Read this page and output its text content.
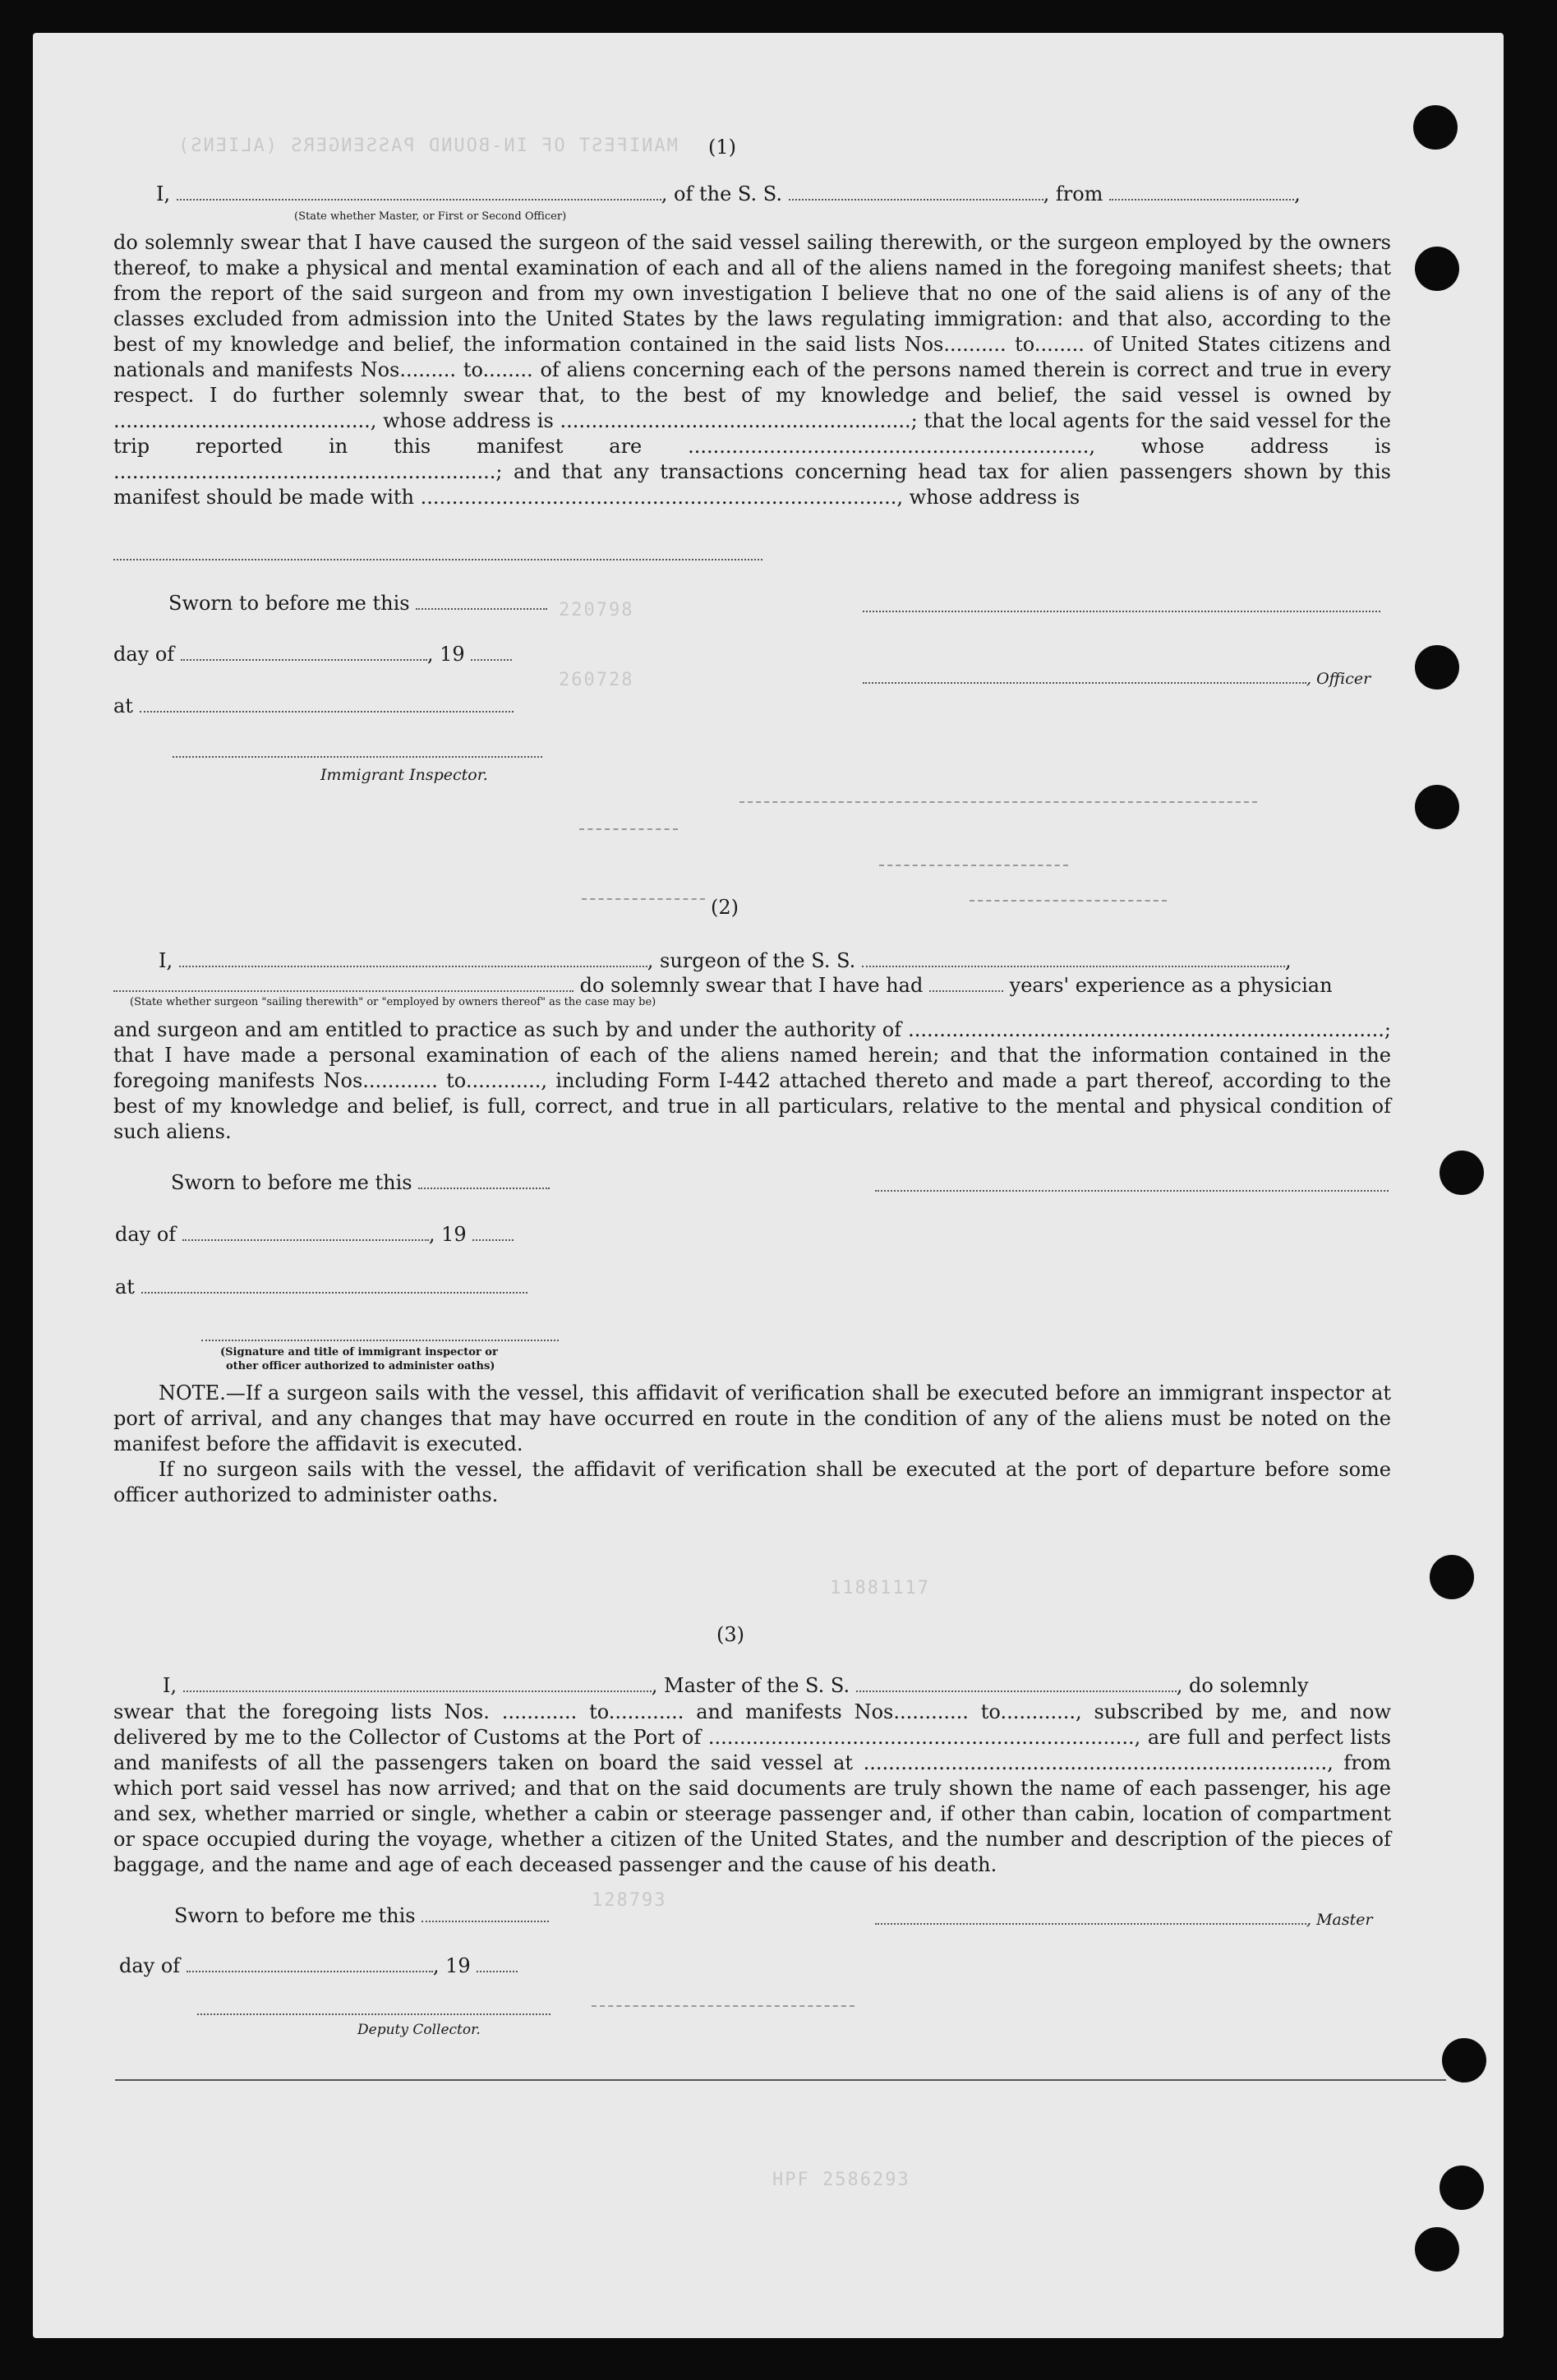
MANIFEST OF IN-BOUND PASSENGERS (ALIENS)
220798
260728
11881117
128793
HPF 2586293
(1)
I,	, of the S. S.	, from	,
(State whether Master, or First or Second Officer)

do solemnly swear that I have caused the surgeon of the said vessel sailing therewith, or the surgeon employed by the owners thereof, to make a physical and mental examination of each and all of the aliens named in the foregoing manifest sheets; that from the report of the said surgeon and from my own investigation I believe that no one of the said aliens is of any of the classes excluded from admission into the United States by the laws regulating immigration: and that also, according to the best of my knowledge and belief, the information contained in the said lists Nos.......... to........ of United States citizens and nationals and manifests Nos......... to........ of aliens concerning each of the persons named therein is correct and true in every respect. I do further solemnly swear that, to the best of my knowledge and belief, the said vessel is owned by ........................................., whose address is ........................................................; that the local agents for the said vessel for the trip reported in this manifest are ................................................................, whose address is .............................................................; and that any transactions concerning head tax for alien passengers shown by this manifest should be made with ............................................................................, whose address is

Sworn to before me this
day of	, 19
, Officer
at
Immigrant Inspector.
(2)
I,	, surgeon of the S. S.	,
do solemnly swear that I have had	years' experience as a physician
(State whether surgeon "sailing therewith" or "employed by owners thereof" as the case may be)

and surgeon and am entitled to practice as such by and under the authority of ............................................................................; that I have made a personal examination of each of the aliens named herein; and that the information contained in the foregoing manifests Nos............ to............, including Form I-442 attached thereto and made a part thereof, according to the best of my knowledge and belief, is full, correct, and true in all particulars, relative to the mental and physical condition of such aliens.

Sworn to before me this
day of	, 19
at
(Signature and title of immigrant inspector or
other officer authorized to administer oaths)

NOTE.—If a surgeon sails with the vessel, this affidavit of verification shall be executed before an immigrant inspector at port of arrival, and any changes that may have occurred en route in the condition of any of the aliens must be noted on the manifest before the affidavit is executed.

If no surgeon sails with the vessel, the affidavit of verification shall be executed at the port of departure before some officer authorized to administer oaths.

(3)
I,	, Master of the S. S.	, do solemnly

swear that the foregoing lists Nos. ............ to............ and manifests Nos............ to............, subscribed by me, and now delivered by me to the Collector of Customs at the Port of ...................................................................., are full and perfect lists and manifests of all the passengers taken on board the said vessel at .........................................................................., from which port said vessel has now arrived; and that on the said documents are truly shown the name of each passenger, his age and sex, whether married or single, whether a cabin or steerage passenger and, if other than cabin, location of compartment or space occupied during the voyage, whether a citizen of the United States, and the number and description of the pieces of baggage, and the name and age of each deceased passenger and the cause of his death.

Sworn to before me this	, Master
day of	, 19
Deputy Collector.
